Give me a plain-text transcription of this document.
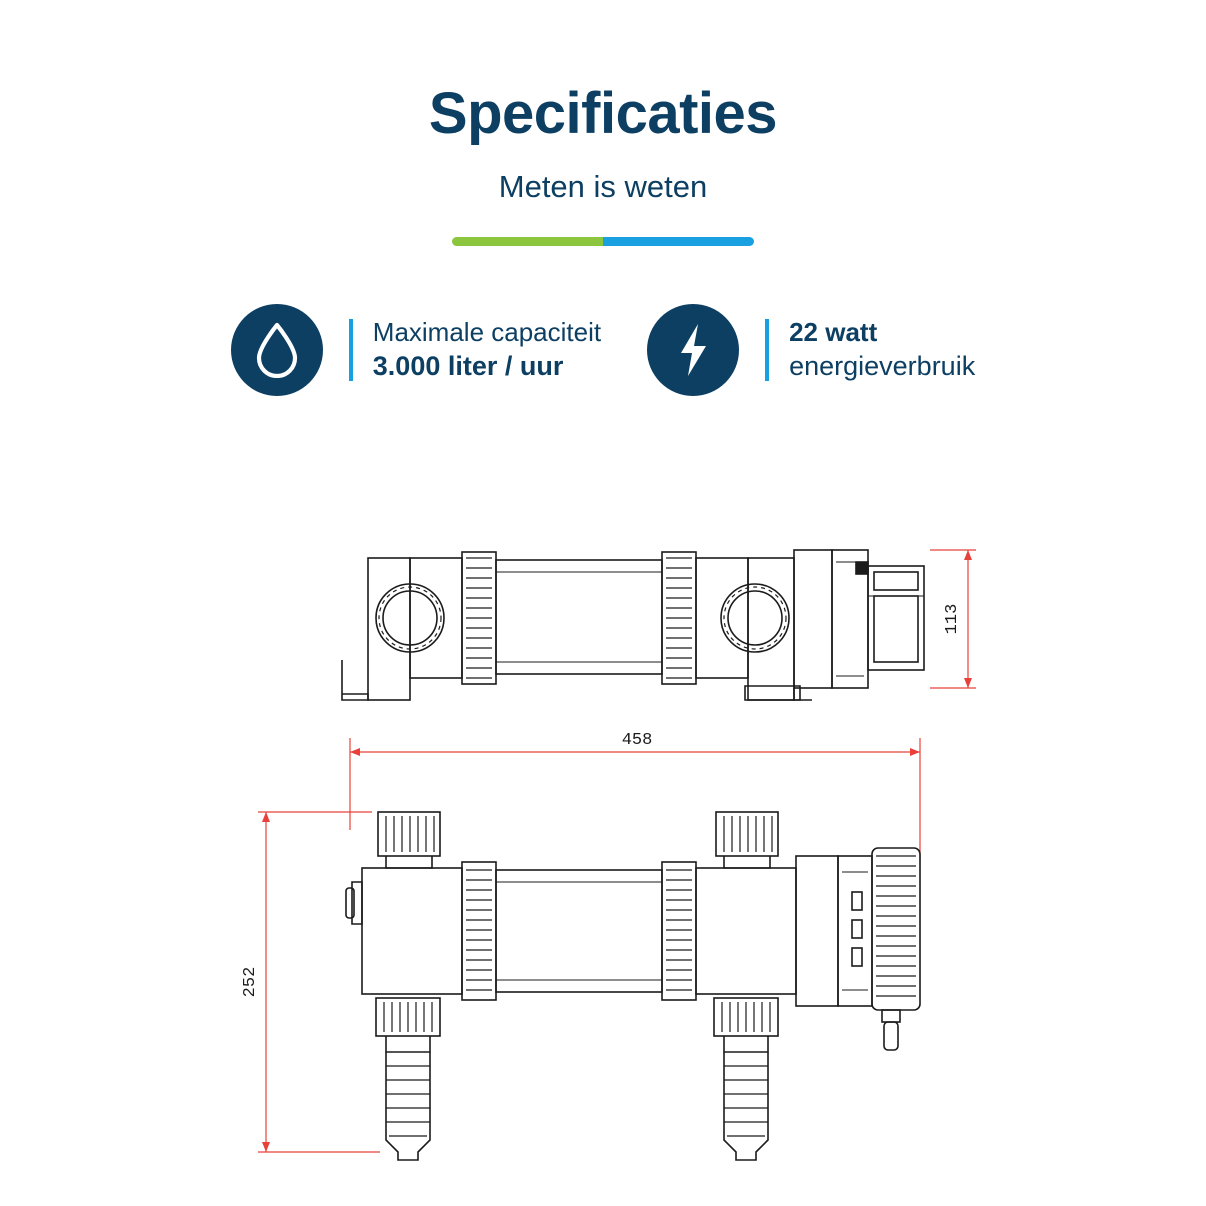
Specificaties
Meten is weten
Maximale capaciteit
3.000 liter / uur
22 watt
energieverbruik
113
458
252
